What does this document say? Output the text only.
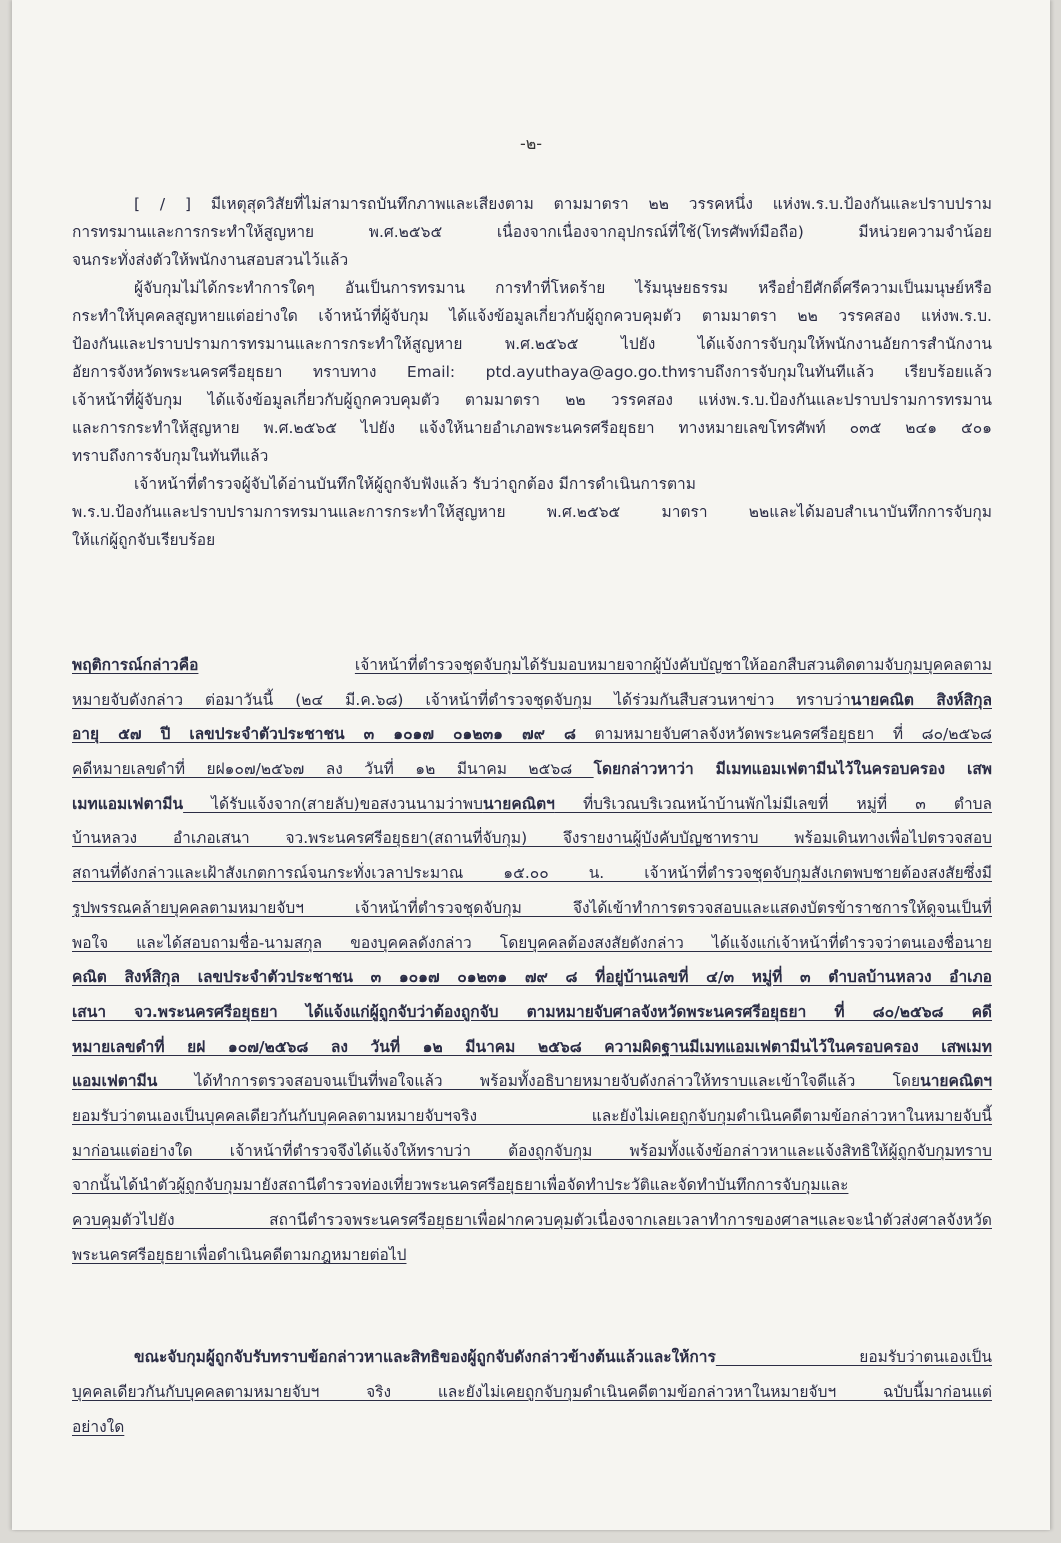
-๒-
[ / ] มีเหตุสุดวิสัยที่ไม่สามารถบันทึกภาพและเสียงตาม ตามมาตรา ๒๒ วรรคหนึ่ง แห่งพ.ร.บ.ป้องกันและปราบปราม
การทรมานและการกระทำให้สูญหาย พ.ศ.๒๕๖๕ เนื่องจากเนื่องจากอุปกรณ์ที่ใช้(โทรศัพท์มือถือ) มีหน่วยความจำน้อย
จนกระทั่งส่งตัวให้พนักงานสอบสวนไว้แล้ว
ผู้จับกุมไม่ได้กระทำการใดๆ อันเป็นการทรมาน การทำที่โหดร้าย ไร้มนุษยธรรม หรือย่ำยีศักดิ์ศรีความเป็นมนุษย์หรือ
กระทำให้บุคคลสูญหายแต่อย่างใด เจ้าหน้าที่ผู้จับกุม ได้แจ้งข้อมูลเกี่ยวกับผู้ถูกควบคุมตัว ตามมาตรา ๒๒ วรรคสอง แห่งพ.ร.บ.
ป้องกันและปราบปรามการทรมานและการกระทำให้สูญหาย พ.ศ.๒๕๖๕ ไปยัง ได้แจ้งการจับกุมให้พนักงานอัยการสำนักงาน
อัยการจังหวัดพระนครศรีอยุธยา ทราบทาง Email: ptd.ayuthaya@ago.go.thทราบถึงการจับกุมในทันทีแล้ว เรียบร้อยแล้ว
เจ้าหน้าที่ผู้จับกุม ได้แจ้งข้อมูลเกี่ยวกับผู้ถูกควบคุมตัว ตามมาตรา ๒๒ วรรคสอง แห่งพ.ร.บ.ป้องกันและปราบปรามการทรมาน
และการกระทำให้สูญหาย พ.ศ.๒๕๖๕ ไปยัง แจ้งให้นายอำเภอพระนครศรีอยุธยา ทางหมายเลขโทรศัพท์ ๐๓๕ ๒๔๑ ๕๐๑
ทราบถึงการจับกุมในทันทีแล้ว
เจ้าหน้าที่ตำรวจผู้จับได้อ่านบันทึกให้ผู้ถูกจับฟังแล้ว รับว่าถูกต้อง มีการดำเนินการตาม
พ.ร.บ.ป้องกันและปราบปรามการทรมานและการกระทำให้สูญหาย พ.ศ.๒๕๖๕ มาตรา ๒๒และได้มอบสำเนาบันทึกการจับกุม
ให้แก่ผู้ถูกจับเรียบร้อย
พฤติการณ์กล่าวคือ	เจ้าหน้าที่ตำรวจชุดจับกุมได้รับมอบหมายจากผู้บังคับบัญชาให้ออกสืบสวนติดตามจับกุมบุคคลตาม
หมายจับดังกล่าว ต่อมาวันนี้ (๒๔ มี.ค.๖๘) เจ้าหน้าที่ตำรวจชุดจับกุม ได้ร่วมกันสืบสวนหาข่าว ทราบว่านายคณิต สิงห์สิกุล
อายุ ๕๗ ปี เลขประจำตัวประชาชน ๓ ๑๐๑๗ ๐๑๒๓๑ ๗๙ ๘ ตามหมายจับศาลจังหวัดพระนครศรีอยุธยา ที่ ๘๐/๒๕๖๘
คดีหมายเลขดำที่ ยฝ๑๐๗/๒๕๖๗ ลง วันที่ ๑๒ มีนาคม ๒๕๖๘ โดยกล่าวหาว่า มีเมทแอมเฟตามีนไว้ในครอบครอง เสพ
เมทแอมเฟตามีน ได้รับแจ้งจาก(สายลับ)ขอสงวนนามว่าพบนายคณิตฯ ที่บริเวณบริเวณหน้าบ้านพักไม่มีเลขที่ หมู่ที่ ๓ ตำบล
บ้านหลวง อำเภอเสนา จว.พระนครศรีอยุธยา(สถานที่จับกุม) จึงรายงานผู้บังคับบัญชาทราบ พร้อมเดินทางเพื่อไปตรวจสอบ
สถานที่ดังกล่าวและเฝ้าสังเกตการณ์จนกระทั่งเวลาประมาณ ๑๕.๐๐ น. เจ้าหน้าที่ตำรวจชุดจับกุมสังเกตพบชายต้องสงสัยซึ่งมี
รูปพรรณคล้ายบุคคลตามหมายจับฯ เจ้าหน้าที่ตำรวจชุดจับกุม จึงได้เข้าทำการตรวจสอบและแสดงบัตรข้าราชการให้ดูจนเป็นที่
พอใจ และได้สอบถามชื่อ-นามสกุล ของบุคคลดังกล่าว โดยบุคคลต้องสงสัยดังกล่าว ได้แจ้งแก่เจ้าหน้าที่ตำรวจว่าตนเองชื่อนาย
คณิต สิงห์สิกุล เลขประจำตัวประชาชน ๓ ๑๐๑๗ ๐๑๒๓๑ ๗๙ ๘ ที่อยู่บ้านเลขที่ ๔/๓ หมู่ที่ ๓ ตำบลบ้านหลวง อำเภอ
เสนา จว.พระนครศรีอยุธยา ได้แจ้งแก่ผู้ถูกจับว่าต้องถูกจับ ตามหมายจับศาลจังหวัดพระนครศรีอยุธยา ที่ ๘๐/๒๕๖๘ คดี
หมายเลขดำที่ ยฝ ๑๐๗/๒๕๖๘ ลง วันที่ ๑๒ มีนาคม ๒๕๖๘ ความผิดฐานมีเมทแอมเฟตามีนไว้ในครอบครอง เสพเมท
แอมเฟตามีน ได้ทำการตรวจสอบจนเป็นที่พอใจแล้ว พร้อมทั้งอธิบายหมายจับดังกล่าวให้ทราบและเข้าใจดีแล้ว โดยนายคณิตฯ
ยอมรับว่าตนเองเป็นบุคคลเดียวกันกับบุคคลตามหมายจับฯจริง และยังไม่เคยถูกจับกุมดำเนินคดีตามข้อกล่าวหาในหมายจับนี้
มาก่อนแต่อย่างใด เจ้าหน้าที่ตำรวจจึงได้แจ้งให้ทราบว่า ต้องถูกจับกุม พร้อมทั้งแจ้งข้อกล่าวหาและแจ้งสิทธิให้ผู้ถูกจับกุมทราบ
จากนั้นได้นำตัวผู้ถูกจับกุมมายังสถานีตำรวจท่องเที่ยวพระนครศรีอยุธยาเพื่อจัดทำประวัติและจัดทำบันทึกการจับกุมและ
ควบคุมตัวไปยัง สถานีตำรวจพระนครศรีอยุธยาเพื่อฝากควบคุมตัวเนื่องจากเลยเวลาทำการของศาลฯและจะนำตัวส่งศาลจังหวัด
พระนครศรีอยุธยาเพื่อดำเนินคดีตามกฎหมายต่อไป
ขณะจับกุมผู้ถูกจับรับทราบข้อกล่าวหาและสิทธิของผู้ถูกจับดังกล่าวข้างต้นแล้วและให้การ ยอมรับว่าตนเองเป็น
บุคคลเดียวกันกับบุคคลตามหมายจับฯ จริง และยังไม่เคยถูกจับกุมดำเนินคดีตามข้อกล่าวหาในหมายจับฯ ฉบับนี้มาก่อนแต่
อย่างใด
